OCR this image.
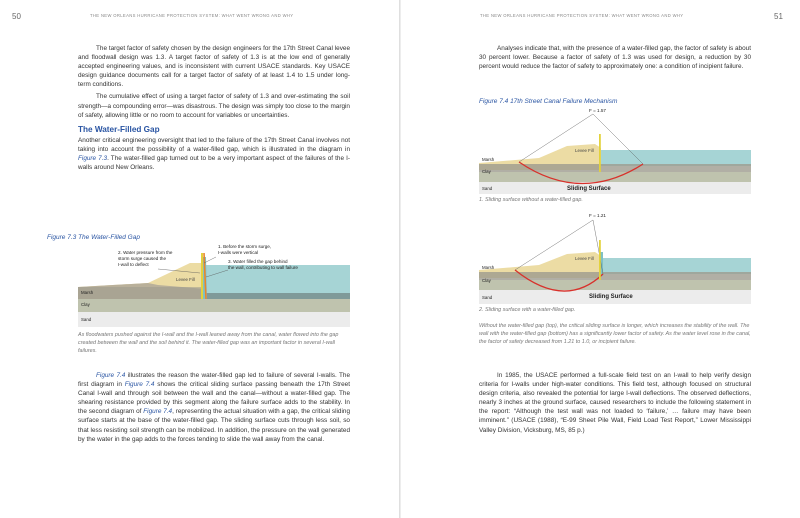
50	THE NEW ORLEANS HURRICANE PROTECTION SYSTEM: WHAT WENT WRONG AND WHY

The target factor of safety chosen by the design engineers for the 17th Street Canal levee and floodwall design was 1.3. A target factor of safety of 1.3 is at the low end of generally accepted engineering values, and is inconsistent with current USACE standards. Key USACE design guidance documents call for a target factor of safety of at least 1.4 to 1.5 under long-term conditions.

The cumulative effect of using a target factor of safety of 1.3 and over-estimating the soil strength—a compounding error—was disastrous. The design was simply too close to the margin of safety, allowing little or no room to account for variables or uncertainties.

The Water-Filled Gap

Another critical engineering oversight that led to the failure of the 17th Street Canal involves not taking into account the possibility of a water-filled gap, which is illustrated in the diagram in Figure 7.3. The water-filled gap turned out to be a very important aspect of the failures of the I-walls around New Orleans.

Figure 7.3 The Water-Filled Gap
2. Water pressure from the
storm surge caused the
I-wall to deflect
1. Before the storm surge,
I-walls were vertical
3. Water filled the gap behind
the wall, contributing to wall failure
Levee Fill
Marsh
Clay
Sand
As floodwaters pushed against the I-wall and the I-wall leaned away from the canal, water flowed into the gap created between the wall and the soil behind it. The water-filled gap was an important factor in several I-wall failures.

Figure 7.4 illustrates the reason the water-filled gap led to failure of several I-walls. The first diagram in Figure 7.4 shows the critical sliding surface passing beneath the 17th Street Canal I-wall and through soil between the wall and the canal—without a water-filled gap. The shearing resistance provided by this segment along the failure surface adds to the stability. In the second diagram of Figure 7.4, representing the actual situation with a gap, the critical sliding surface starts at the base of the water-filled gap. The sliding surface cuts through less soil, so that less resisting soil strength can be mobilized. In addition, the pressure on the wall generated by the water in the gap adds to the forces tending to slide the wall away from the canal.

THE NEW ORLEANS HURRICANE PROTECTION SYSTEM: WHAT WENT WRONG AND WHY	51

Analyses indicate that, with the presence of a water-filled gap, the factor of safety is about 30 percent lower. Because a factor of safety of 1.3 was used for design, a reduction by 30 percent would reduce the factor of safety to approximately one: a condition of incipient failure.

Figure 7.4 17th Street Canal Failure Mechanism
F = 1.57
Levee Fill
Marsh
Clay
Sand	Sliding Surface
1. Sliding surface without a water-filled gap.
F = 1.21
Levee Fill
Marsh
Clay
Sand	Sliding Surface
2. Sliding surface with a water-filled gap.
Without the water-filled gap (top), the critical sliding surface is longer, which increases the stability of the wall. The wall with the water-filled gap (bottom) has a significantly lower factor of safety. As the water level rose in the canal, the factor of safety decreased from 1.21 to 1.0, or incipient failure.

In 1985, the USACE performed a full-scale field test on an I-wall to help verify design criteria for I-walls under high-water conditions. This field test, although focused on structural design criteria, also revealed the potential for large I-wall deflections. The observed deflections, nearly 3 inches at the ground surface, caused researchers to include the following statement in the report: “Although the test wall was not loaded to ‘failure,’ … failure may have been imminent.” (USACE (1988), “E-99 Sheet Pile Wall, Field Load Test Report,” Lower Mississippi Valley Division, Vicksburg, MS, 85 p.)
